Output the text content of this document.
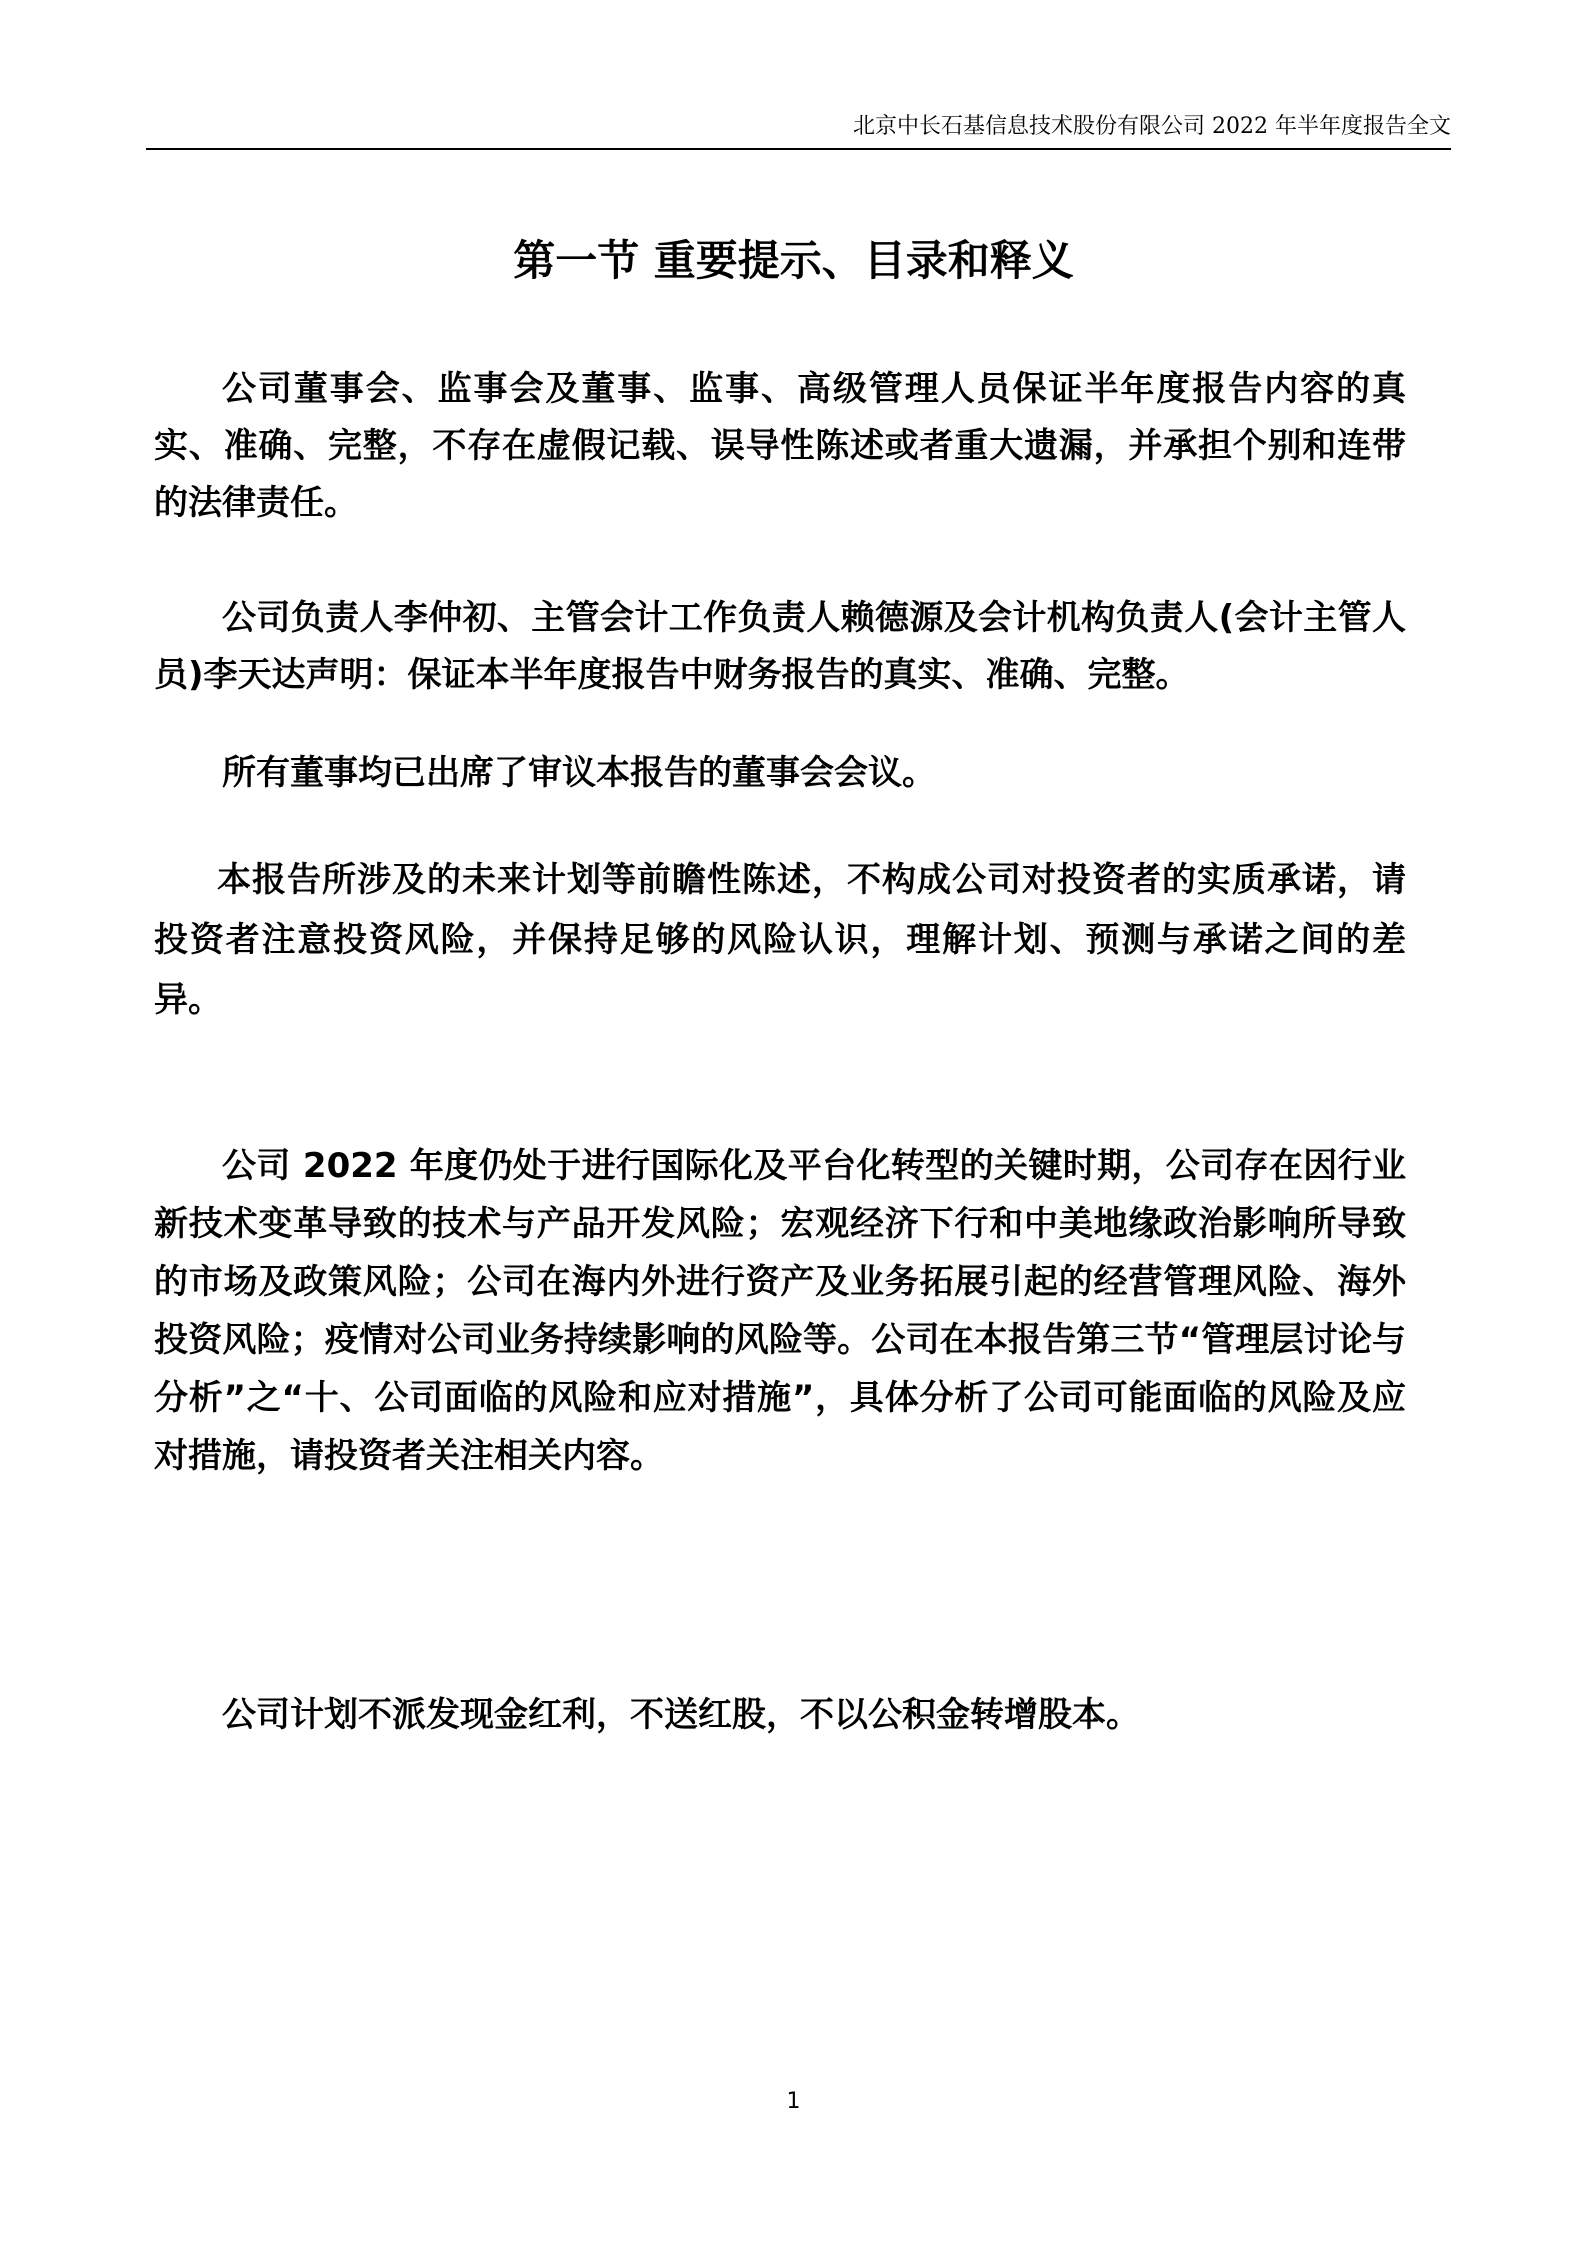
北京中长石基信息技术股份有限公司 2022 年半年度报告全文
第一节 重要提示、目录和释义

公司董事会、监事会及董事、监事、高级管理人员保证半年度报告内容的真实、准确、完整，不存在虚假记载、误导性陈述或者重大遗漏，并承担个别和连带的法律责任。

公司负责人李仲初、主管会计工作负责人赖德源及会计机构负责人(会计主管人员)李天达声明：保证本半年度报告中财务报告的真实、准确、完整。

所有董事均已出席了审议本报告的董事会会议。

本报告所涉及的未来计划等前瞻性陈述，不构成公司对投资者的实质承诺，请投资者注意投资风险，并保持足够的风险认识，理解计划、预测与承诺之间的差异。

公司 2022 年度仍处于进行国际化及平台化转型的关键时期，公司存在因行业新技术变革导致的技术与产品开发风险；宏观经济下行和中美地缘政治影响所导致的市场及政策风险；公司在海内外进行资产及业务拓展引起的经营管理风险、海外投资风险；疫情对公司业务持续影响的风险等。公司在本报告第三节“管理层讨论与分析”之“十、公司面临的风险和应对措施”，具体分析了公司可能面临的风险及应对措施，请投资者关注相关内容。

公司计划不派发现金红利，不送红股，不以公积金转增股本。

1
